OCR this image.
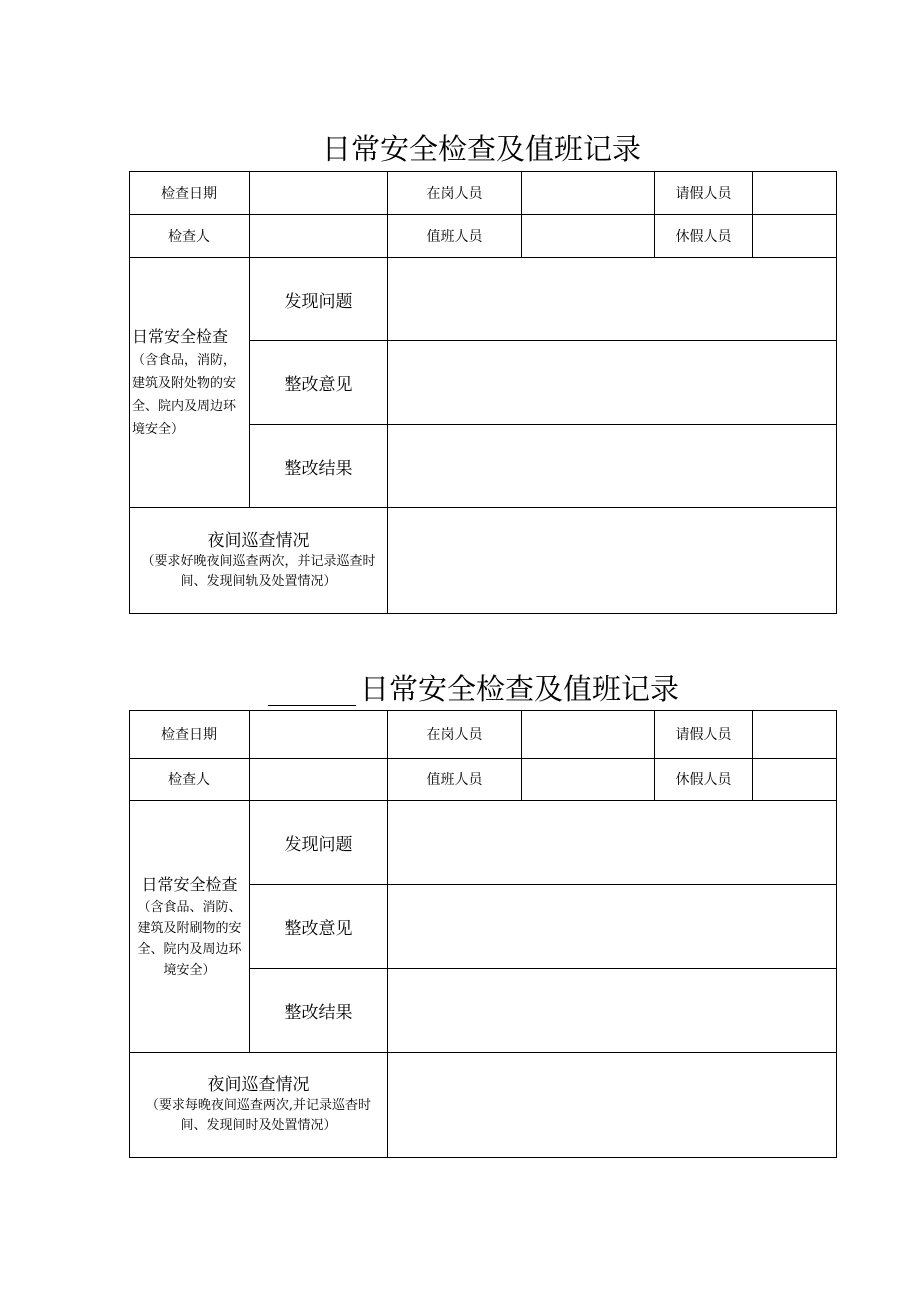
日常安全检查及值班记录
检查日期	在岗人员	请假人员
检查人	值班人员	休假人员
日常安全检查（含食品，消防，建筑及附处物的安全、院内及周边环境安全）
发现问题
整改意见
整改结果
夜间巡查情况
（要求好晚夜间巡查两次，并记录巡查时间、发现间轨及处置情况）
日常安全检查及值班记录
检查日期	在岗人员	请假人员
检查人	值班人员	休假人员
日常安全检查
（含食品、消防、建筑及附刷物的安全、院内及周边环境安全）
发现问题
整改意见
整改结果
夜间巡查情况
（要求每晚夜间巡查两次,并记录巡杳时间、发现间时及处置情况）
